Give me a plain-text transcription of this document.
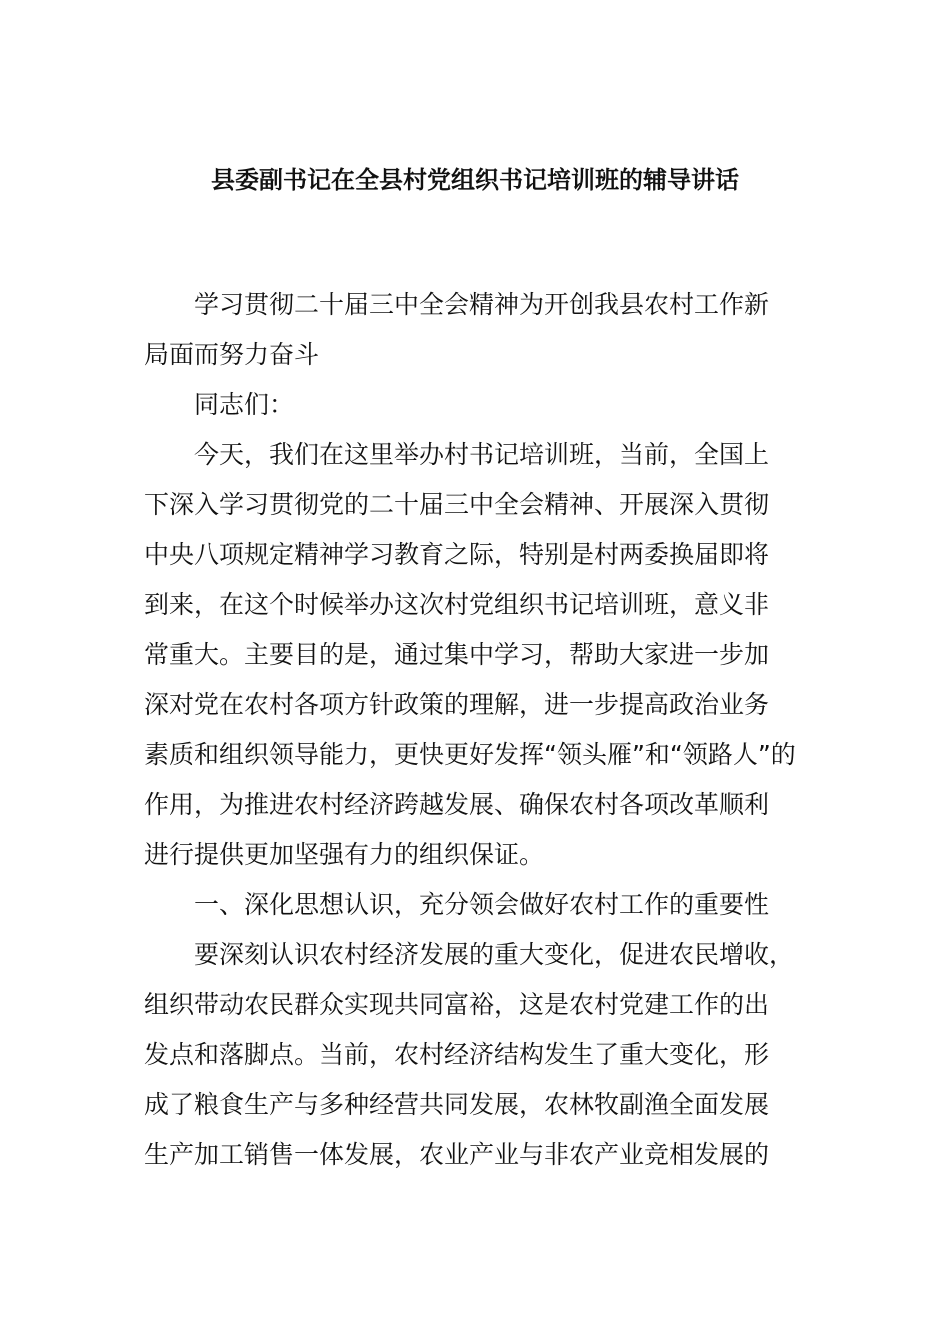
县委副书记在全县村党组织书记培训班的辅导讲话
学习贯彻二十届三中全会精神为开创我县农村工作新
局面而努力奋斗
同志们：
今天，我们在这里举办村书记培训班，当前，全国上
下深入学习贯彻党的二十届三中全会精神、开展深入贯彻
中央八项规定精神学习教育之际，特别是村两委换届即将
到来，在这个时候举办这次村党组织书记培训班，意义非
常重大。主要目的是，通过集中学习，帮助大家进一步加
深对党在农村各项方针政策的理解，进一步提高政治业务
素质和组织领导能力，更快更好发挥“领头雁”和“领路人”的
作用，为推进农村经济跨越发展、确保农村各项改革顺利
进行提供更加坚强有力的组织保证。
一、深化思想认识，充分领会做好农村工作的重要性
要深刻认识农村经济发展的重大变化，促进农民增收，
组织带动农民群众实现共同富裕，这是农村党建工作的出
发点和落脚点。当前，农村经济结构发生了重大变化，形
成了粮食生产与多种经营共同发展，农林牧副渔全面发展
生产加工销售一体发展，农业产业与非农产业竞相发展的
